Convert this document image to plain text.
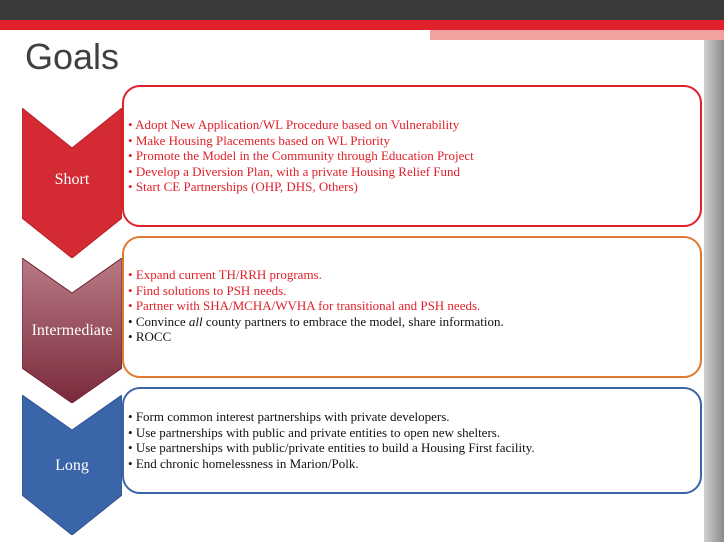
Goals
Short
• Adopt New Application/WL Procedure based on Vulnerability
• Make Housing Placements based on WL Priority
• Promote the Model in the Community through Education Project
• Develop a Diversion Plan, with a private Housing Relief Fund
• Start CE Partnerships (OHP, DHS, Others)
Intermediate
• Expand current TH/RRH programs.
• Find solutions to PSH needs.
• Partner with SHA/MCHA/WVHA for transitional and PSH needs.
• Convince all county partners to embrace the model, share information.
• ROCC
Long
• Form common interest partnerships with private developers.
• Use partnerships with public and private entities to open new shelters.
• Use partnerships with public/private entities to build a Housing First facility.
• End chronic homelessness in Marion/Polk.
